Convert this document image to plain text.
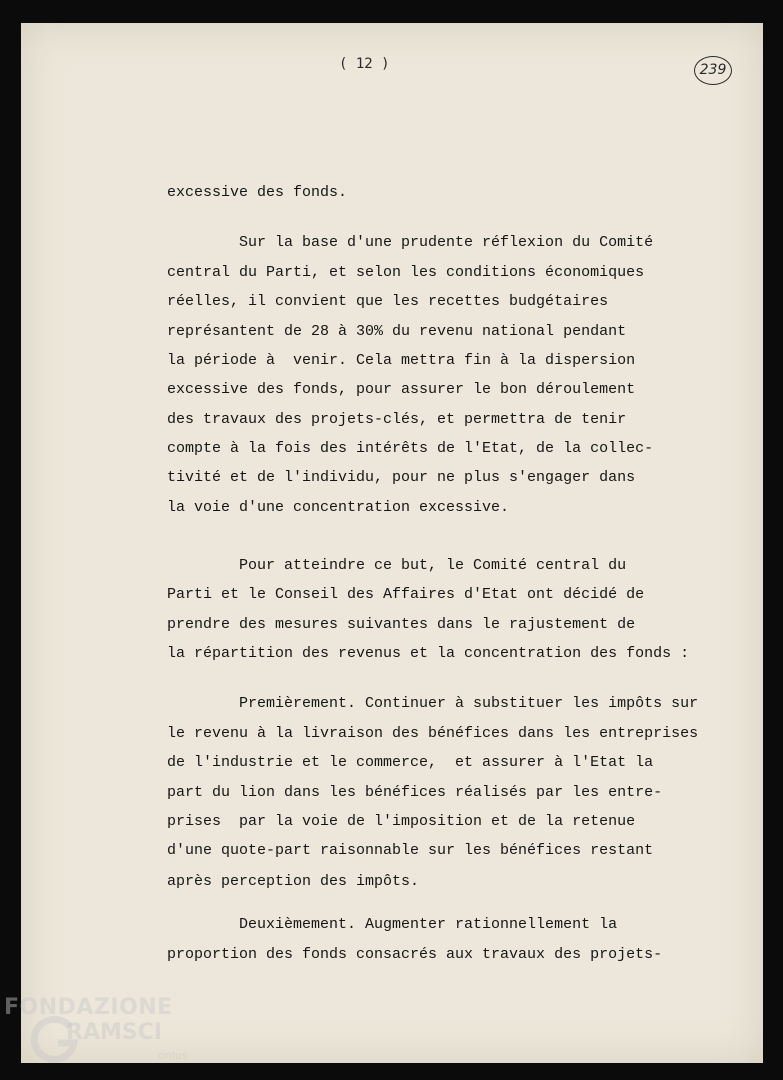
( 12 )	239
excessive des fonds.
Sur la base d'une prudente réflexion du Comité
central du Parti, et selon les conditions économiques
réelles, il convient que les recettes budgétaires
représantent de 28 à 30% du revenu national pendant
la période à  venir. Cela mettra fin à la dispersion
excessive des fonds, pour assurer le bon déroulement
des travaux des projets-clés, et permettra de tenir
compte à la fois des intérêts de l'Etat, de la collec-
tivité et de l'individu, pour ne plus s'engager dans
la voie d'une concentration excessive.
Pour atteindre ce but, le Comité central du
Parti et le Conseil des Affaires d'Etat ont décidé de
prendre des mesures suivantes dans le rajustement de
la répartition des revenus et la concentration des fonds :
Premièrement. Continuer à substituer les impôts sur
le revenu à la livraison des bénéfices dans les entreprises
de l'industrie et le commerce,  et assurer à l'Etat la
part du lion dans les bénéfices réalisés par les entre-
prises  par la voie de l'imposition et de la retenue
d'une quote-part raisonnable sur les bénéfices restant
après perception des impôts.
Deuxièmement. Augmenter rationnellement la
proportion des fonds consacrés aux travaux des projets-
FONDAZIONE
RAMSCI
onlus
